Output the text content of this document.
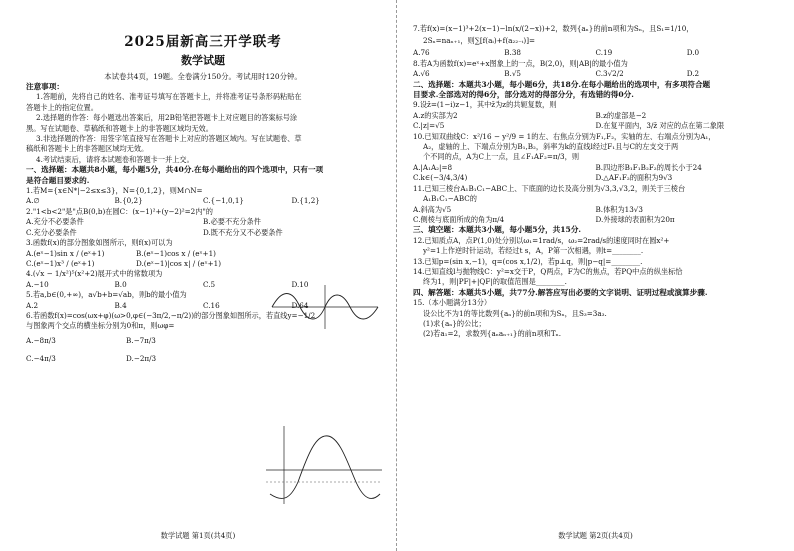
2025届新高三开学联考
数学试题
本试卷共4页，19题。全卷满分150分。考试用时120分钟。
注意事项：
1.答题前，先将自己的姓名、准考证号填写在答题卡上，并将准考证号条形码粘贴在
答题卡上的指定位置。
2.选择题的作答：每小题选出答案后，用2B铅笔把答题卡上对应题目的答案标号涂
黑。写在试题卷、草稿纸和答题卡上的非答题区域均无效。
3.非选择题的作答：用签字笔直接写在答题卡上对应的答题区域内。写在试题卷、草
稿纸和答题卡上的非答题区域均无效。
4.考试结束后，请将本试题卷和答题卡一并上交。
一、选择题：本题共8小题，每小题5分，共40分.在每小题给出的四个选项中，只有一项
是符合题目要求的.
1.若M={x∈N*|−2≤x≤3}，N={0,1,2}，则M∩N=
A.∅	B.{0,2}	C.{−1,0,1}	D.{1,2}
2."1<b<2"是"点B(0,b)在圆C：(x−1)²+(y−2)²=2内"的
A.充分不必要条件	B.必要不充分条件
C.充分必要条件	D.既不充分又不必要条件
3.函数f(x)的部分图象如图所示，则f(x)可以为
A.(eˣ−1)sin x / (eˣ+1)	B.(eˣ−1)cos x / (eˣ+1)
C.(eˣ−1)x³ / (eˣ+1)	D.(eˣ−1)|cos x| / (eˣ+1)
4.(√x − 1/x²)⁵(x²+2)展开式中的常数项为
A.−10	B.0	C.5	D.10
5.若a,b∈(0,+∞)，a√b+b=√ab，则b的最小值为
A.2	B.4	C.16	D.64
6.若函数f(x)=cos(ωx+φ)(ω>0,φ∈(−3π/2,−π/2))的部分图象如图所示，若直线y=−1/2
与图象两个交点的横坐标分别为0和π，则ωφ=
A.−8π/3	B.−7π/3
C.−4π/3	D.−2π/3
数学试题 第1页(共4页)
7.若f(x)=(x−1)³+2(x−1)−ln(x/(2−x))+2，数列{aₙ}的前n项和为Sₙ，且S₁=1/10，
2Sₙ=naₙ₊₁，则∑[f(aᵢ)+f(a₂₂₋ᵢ)]=
A.76	B.38	C.19	D.0
8.若A为函数f(x)=eˣ+x图象上的一点，B(2,0)，则|AB|的最小值为
A.√6	B.√5	C.3√2/2	D.2
二、选择题：本题共3小题，每小题6分，共18分.在每小题给出的选项中，有多项符合题
目要求.全部选对的得6分，部分选对的得部分分，有选错的得0分.
9.设z̄=(1−i)z−1，其中z̄为z的共轭复数，则
A.z的实部为2	B.z的虚部是−2
C.|z|=√5	D.在复平面内，3/z̄ 对应的点在第二象限
10.已知双曲线C：x²/16 − y²/9 = 1的左、右焦点分别为F₁,F₂，实轴的左、右端点分别为A₁，
A₂，虚轴的上、下端点分别为B₁,B₂，斜率为k的直线l经过F₁且与C的左支交于两
个不同的点，A为C上一点，且∠F₁AF₂=π/3，则
A.|A₁A₂|=8	B.四边形B₁F₁B₂F₂的周长小于24
C.k∈(−3/4,3/4)	D.△AF₁F₂的面积为9√3
11.已知三棱台A₁B₁C₁−ABC上、下底面的边长及高分别为√3,3,√3,2，则关于三棱台
A₁B₁C₁−ABC的
A.斜高为√5	B.体积为13√3
C.侧棱与底面所成的角为π/4	D.外接球的表面积为20π
三、填空题：本题共3小题，每小题5分，共15分.
12.已知质点A，点P(1,0)处分别以ω₁=1rad/s，ω₂=2rad/s的速度同时在圆x²+
y²=1上作逆时针运动，若经过t s，A，P第一次相遇，则t=________.
13.已知p=(sin x,−1)，q=(cos x,1/2)，若p⊥q，则|p−q|=________.
14.已知直线l与抛物线C：y²=x交于P，Q两点，F为C的焦点，若PQ中点的纵坐标恰
终为1，则|PF|+|QF|的取值范围是________.
四、解答题：本题共5小题，共77分.解答应写出必要的文字说明、证明过程或演算步骤.
15.（本小题满分13分）
设公比不为1的等比数列{aₙ}的前n项和为Sₙ，且S₃=3a₃.
(1)求{aₙ}的公比；
(2)若a₁=2，求数列{aₙaₙ₊₁}的前n项和Tₙ.
数学试题 第2页(共4页)
